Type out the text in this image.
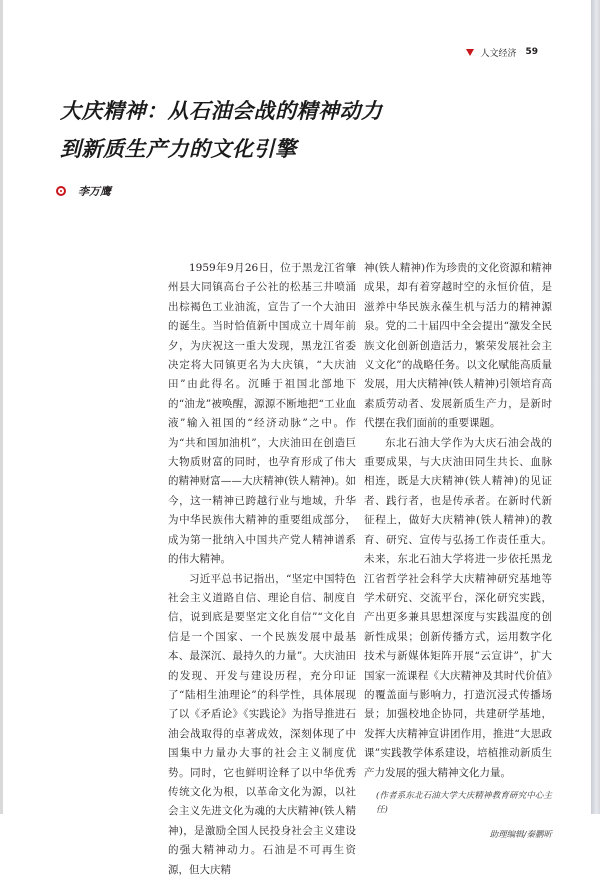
人文经济 59
大庆精神：从石油会战的精神动力
到新质生产力的文化引擎
李万鹰

1959年9月26日，位于黑龙江省肇州县大同镇高台子公社的松基三井喷涌出棕褐色工业油流，宣告了一个大油田的诞生。当时恰值新中国成立十周年前夕，为庆祝这一重大发现，黑龙江省委决定将大同镇更名为大庆镇，“大庆油田”由此得名。沉睡于祖国北部地下的“油龙”被唤醒，源源不断地把“工业血液”输入祖国的“经济动脉”之中。作为“共和国加油机”，大庆油田在创造巨大物质财富的同时，也孕育形成了伟大的精神财富——大庆精神(铁人精神)。如今，这一精神已跨越行业与地域，升华为中华民族伟大精神的重要组成部分，成为第一批纳入中国共产党人精神谱系的伟大精神。

习近平总书记指出，“坚定中国特色社会主义道路自信、理论自信、制度自信，说到底是要坚定文化自信”“文化自信是一个国家、一个民族发展中最基本、最深沉、最持久的力量”。大庆油田的发现、开发与建设历程，充分印证了“陆相生油理论”的科学性，具体展现了以《矛盾论》《实践论》为指导推进石油会战取得的卓著成效，深刻体现了中国集中力量办大事的社会主义制度优势。同时，它也鲜明诠释了以中华优秀传统文化为根，以革命文化为源，以社会主义先进文化为魂的大庆精神(铁人精神)，是激励全国人民投身社会主义建设的强大精神动力。石油是不可再生资源，但大庆精

神(铁人精神)作为珍贵的文化资源和精神成果，却有着穿越时空的永恒价值，是滋养中华民族永葆生机与活力的精神源泉。党的二十届四中全会提出“激发全民族文化创新创造活力，繁荣发展社会主义文化”的战略任务。以文化赋能高质量发展，用大庆精神(铁人精神)引领培育高素质劳动者、发展新质生产力，是新时代摆在我们面前的重要课题。

东北石油大学作为大庆石油会战的重要成果，与大庆油田同生共长、血脉相连，既是大庆精神(铁人精神)的见证者、践行者，也是传承者。在新时代新征程上，做好大庆精神(铁人精神)的教育、研究、宣传与弘扬工作责任重大。未来，东北石油大学将进一步依托黑龙江省哲学社会科学大庆精神研究基地等学术研究、交流平台，深化研究实践，产出更多兼具思想深度与实践温度的创新性成果；创新传播方式，运用数字化技术与新媒体矩阵开展“云宣讲”，扩大国家一流课程《大庆精神及其时代价值》的覆盖面与影响力，打造沉浸式传播场景；加强校地企协同，共建研学基地，发挥大庆精神宣讲团作用，推进“大思政课”实践教学体系建设，培植推动新质生产力发展的强大精神文化力量。

(作者系东北石油大学大庆精神教育研究中心主任)
助理编辑/秦鹏昕
